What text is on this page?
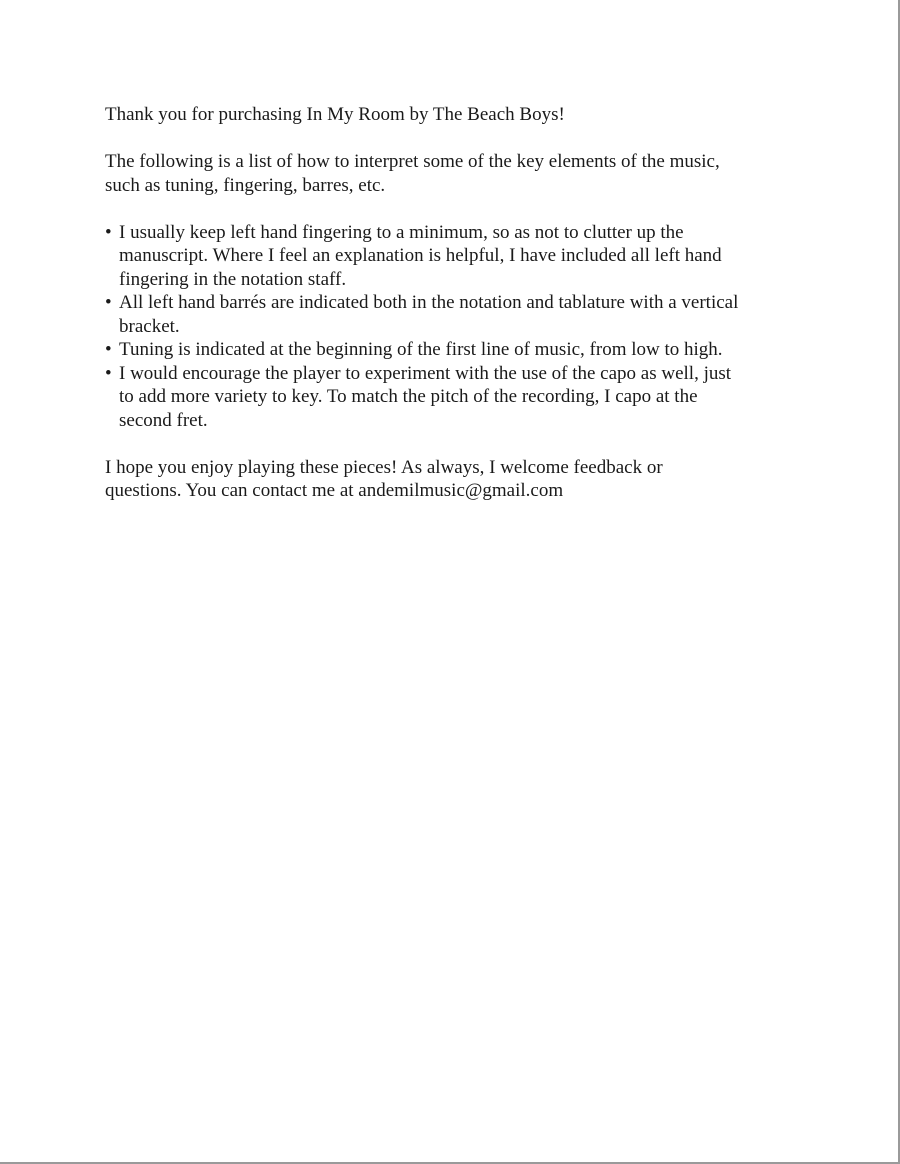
Thank you for purchasing In My Room by The Beach Boys!

The following is a list of how to interpret some of the key elements of the music,
such as tuning, fingering, barres, etc.

• I usually keep left hand fingering to a minimum, so as not to clutter up the
manuscript. Where I feel an explanation is helpful, I have included all left hand
fingering in the notation staff.
• All left hand barrés are indicated both in the notation and tablature with a vertical
bracket.
• Tuning is indicated at the beginning of the first line of music, from low to high.
• I would encourage the player to experiment with the use of the capo as well, just
to add more variety to key. To match the pitch of the recording, I capo at the
second fret.

I hope you enjoy playing these pieces! As always, I welcome feedback or
questions. You can contact me at andemilmusic@gmail.com
